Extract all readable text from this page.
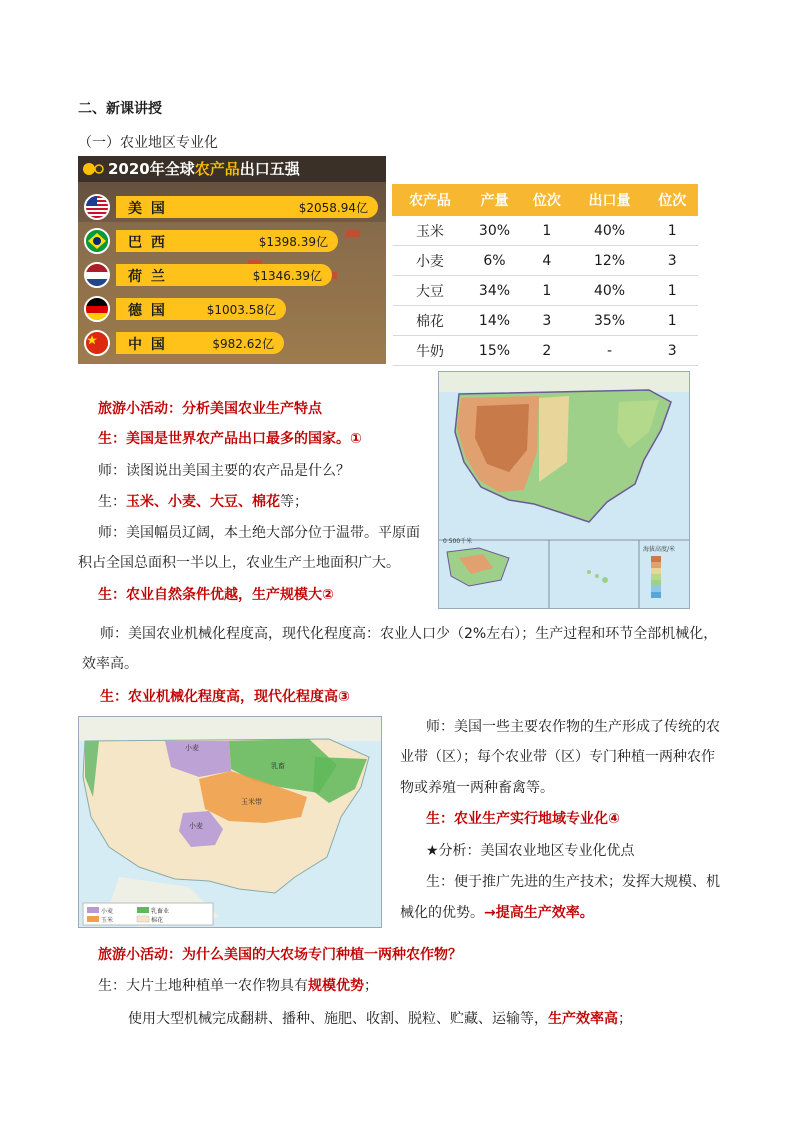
二、新课讲授
（一）农业地区专业化
2020年全球农产品出口五强
美 国	$2058.94亿
巴 西	$1398.39亿
荷 兰	$1346.39亿
德 国	$1003.58亿
中 国	$982.62亿
农产品	产量	位次	出口量	位次
玉米	30%	1	40%	1
小麦	6%	4	12%	3
大豆	34%	1	40%	1
棉花	14%	3	35%	1
牛奶	15%	2	-	3
旅游小活动：分析美国农业生产特点
生：美国是世界农产品出口最多的国家。①
师：读图说出美国主要的农产品是什么？
生：玉米、小麦、大豆、棉花等；
师：美国幅员辽阔，本土绝大部分位于温带。平原面
积占全国总面积一半以上，农业生产土地面积广大。
生：农业自然条件优越，生产规模大②
师：美国农业机械化程度高，现代化程度高：农业人口少（2%左右）；生产过程和环节全部机械化，
效率高。
生：农业机械化程度高，现代化程度高③
0 500千米
海拔高度/米
小麦
乳畜
小麦
玉米带
小麦	乳畜业
玉米	棉花
师：美国一些主要农作物的生产形成了传统的农
业带（区）；每个农业带（区）专门种植一两种农作
物或养殖一两种畜禽等。
生：农业生产实行地域专业化④
★分析：美国农业地区专业化优点
生：便于推广先进的生产技术；发挥大规模、机
械化的优势。→提高生产效率。
旅游小活动：为什么美国的大农场专门种植一两种农作物？
生：大片土地种植单一农作物具有规模优势；
使用大型机械完成翻耕、播种、施肥、收割、脱粒、贮藏、运输等，生产效率高；
